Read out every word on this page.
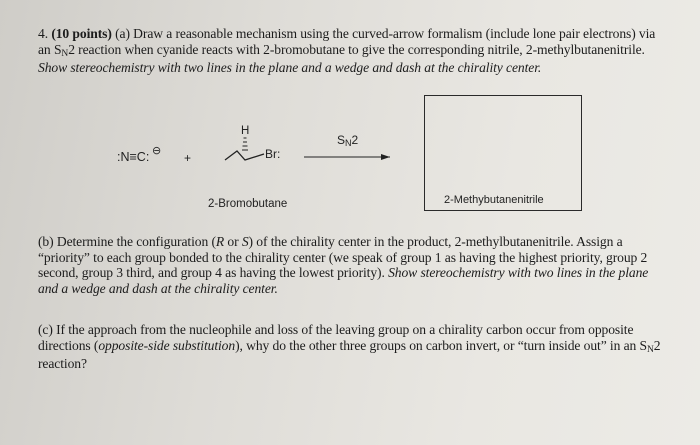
4. (10 points) (a) Draw a reasonable mechanism using the curved-arrow formalism (include lone pair electrons) via an SN2 reaction when cyanide reacts with 2-bromobutane to give the corresponding nitrile, 2-methylbutanenitrile. Show stereochemistry with two lines in the plane and a wedge and dash at the chirality center.
⊖
:N≡C:	+
H
Br:
SN2
2-Bromobutane	2-Methybutanenitrile
(b) Determine the configuration (R or S) of the chirality center in the product, 2-methylbutanenitrile. Assign a “priority” to each group bonded to the chirality center (we speak of group 1 as having the highest priority, group 2 second, group 3 third, and group 4 as having the lowest priority). Show stereochemistry with two lines in the plane and a wedge and dash at the chirality center.
(c) If the approach from the nucleophile and loss of the leaving group on a chirality carbon occur from opposite directions (opposite-side substitution), why do the other three groups on carbon invert, or “turn inside out” in an SN2 reaction?
